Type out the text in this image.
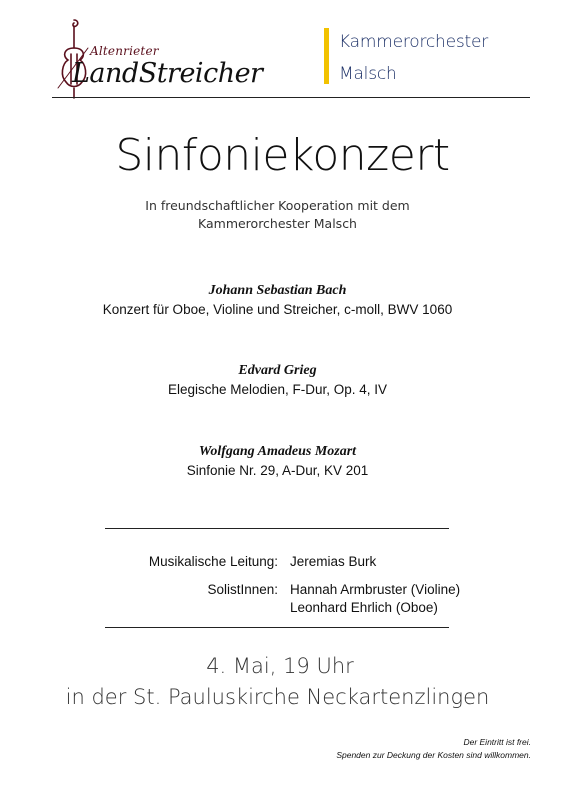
Altenrieter
LandStreicher
Kammerorchester
Malsch
Sinfoniekonzert
In freundschaftlicher Kooperation mit dem
Kammerorchester Malsch
Johann Sebastian Bach
Konzert für Oboe, Violine und Streicher, c-moll, BWV 1060
Edvard Grieg
Elegische Melodien, F-Dur, Op. 4, IV
Wolfgang Amadeus Mozart
Sinfonie Nr. 29, A-Dur, KV 201
Musikalische Leitung: Jeremias Burk
SolistInnen: Hannah Armbruster (Violine)
Leonhard Ehrlich (Oboe)
4. Mai, 19 Uhr
in der St. Pauluskirche Neckartenzlingen
Der Eintritt ist frei.
Spenden zur Deckung der Kosten sind willkommen.
